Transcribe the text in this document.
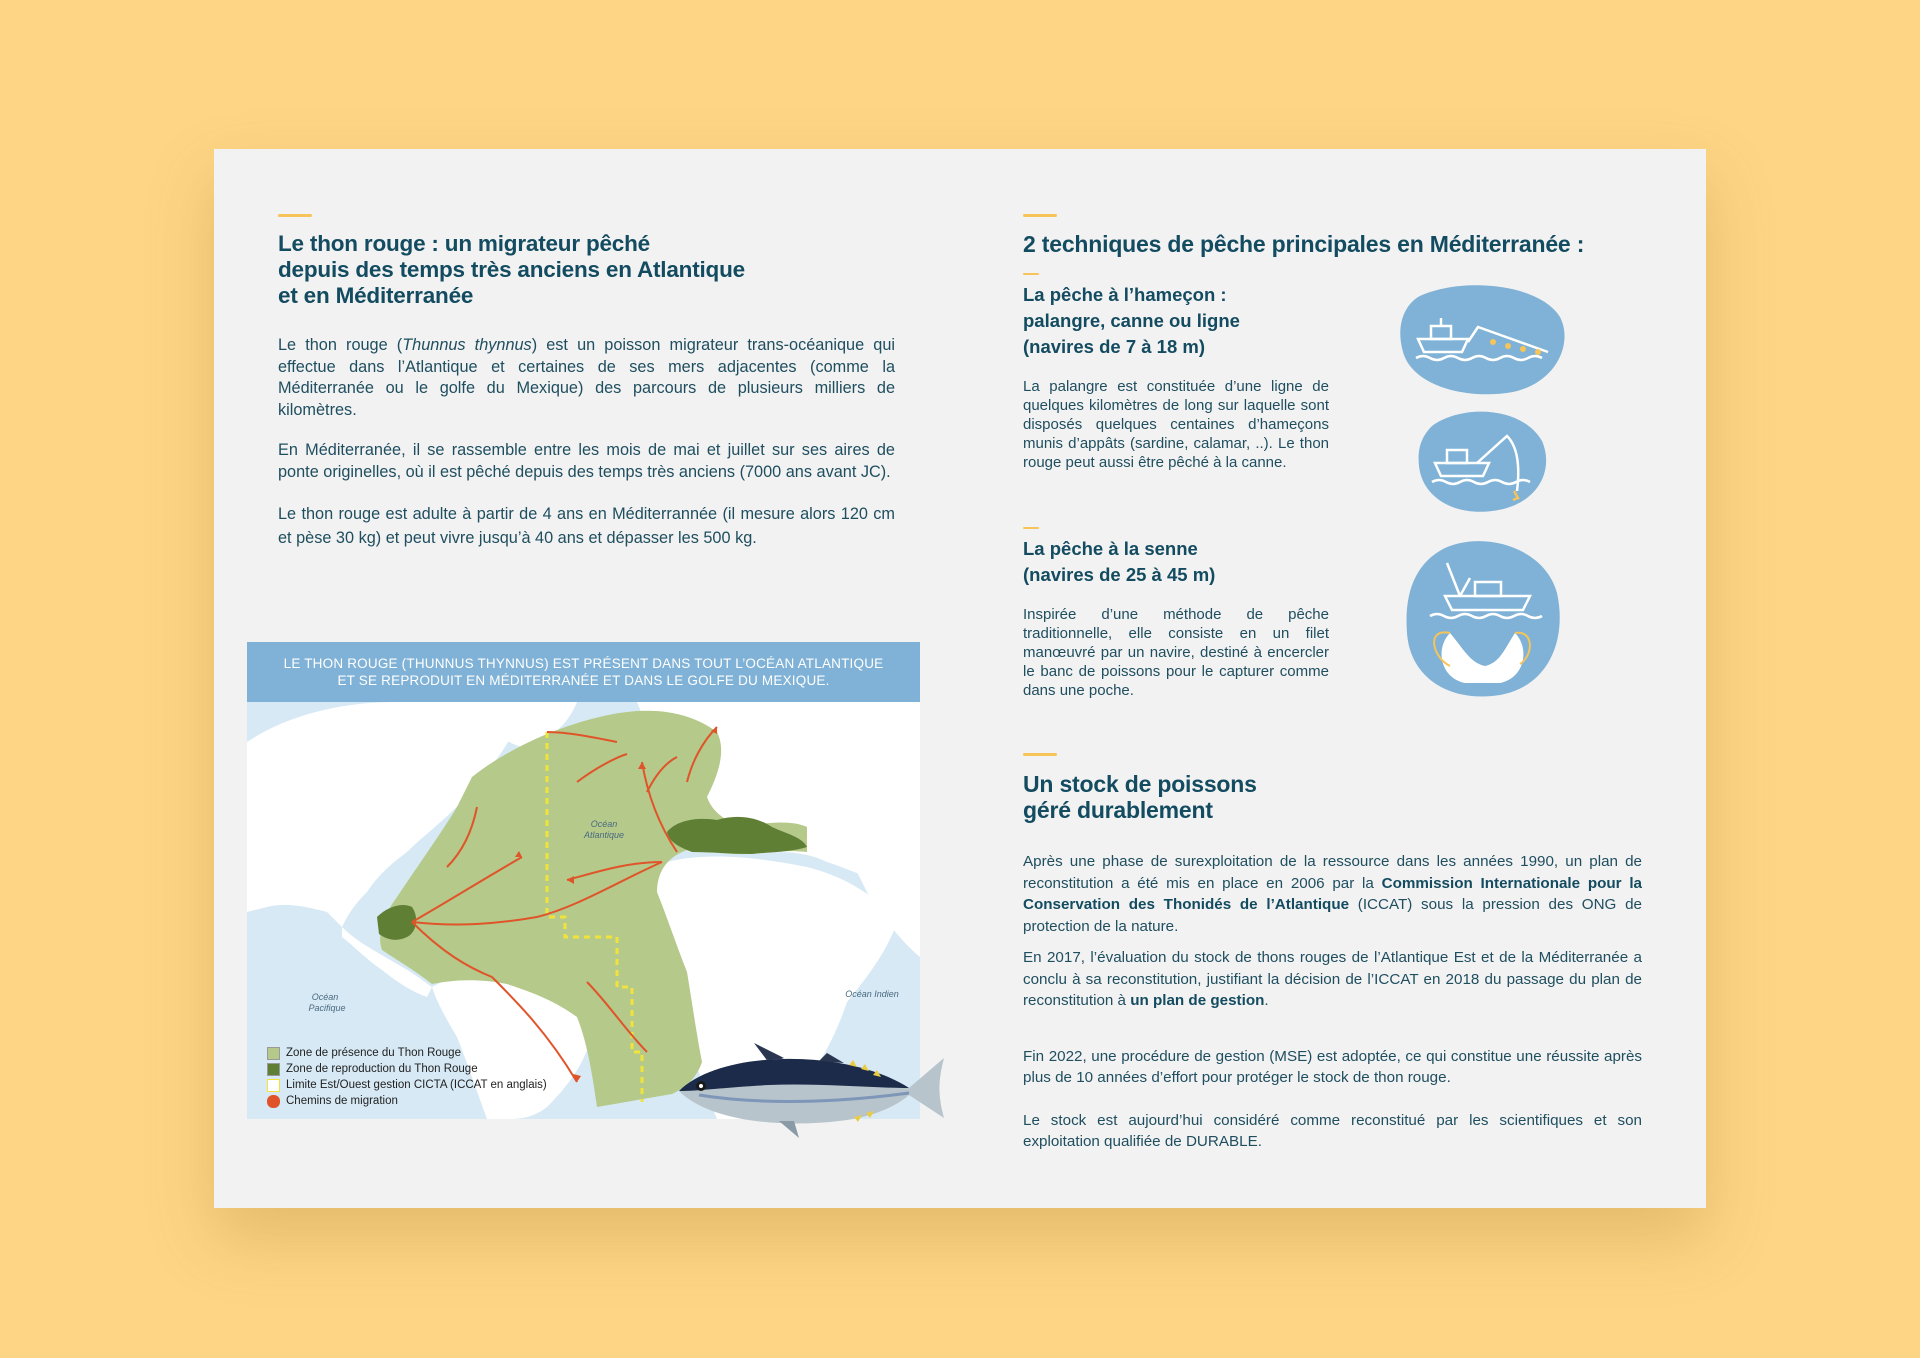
Le thon rouge : un migrateur pêché
depuis des temps très anciens en Atlantique
et en Méditerranée

Le thon rouge (Thunnus thynnus) est un poisson migrateur trans-océanique qui effectue dans l’Atlantique et certaines de ses mers adjacentes (comme la Méditerranée ou le golfe du Mexique) des parcours de plusieurs milliers de kilomètres.

En Méditerranée, il se rassemble entre les mois de mai et juillet sur ses aires de ponte originelles, où il est pêché depuis des temps très anciens (7000 ans avant JC).

Le thon rouge est adulte à partir de 4 ans en Méditerrannée (il mesure alors 120 cm et pèse 30 kg) et peut vivre jusqu’à 40 ans et dépasser les 500 kg.

LE THON ROUGE (THUNNUS THYNNUS) EST PRÉSENT DANS TOUT L’OCÉAN ATLANTIQUE
ET SE REPRODUIT EN MÉDITERRANÉE ET DANS LE GOLFE DU MEXIQUE.
Océan
Atlantique
Océan
Pacifique
Océan Indien
Zone de présence du Thon Rouge
Zone de reproduction du Thon Rouge
Limite Est/Ouest gestion CICTA (ICCAT en anglais)
Chemins de migration
2 techniques de pêche principales en Méditerranée :
La pêche à l’hameçon :
palangre, canne ou ligne
(navires de 7 à 18 m)

La palangre est constituée d’une ligne de quelques kilomètres de long sur laquelle sont disposés quelques centaines d’hameçons munis d’appâts (sardine, calamar, ..). Le thon rouge peut aussi être pêché à la canne.

La pêche à la senne
(navires de 25 à 45 m)

Inspirée d’une méthode de pêche traditionnelle, elle consiste en un filet manœuvré par un navire, destiné à encercler le banc de poissons pour le capturer comme dans une poche.

Un stock de poissons
géré durablement

Après une phase de surexploitation de la ressource dans les années 1990, un plan de reconstitution a été mis en place en 2006 par la Commission Internationale pour la Conservation des Thonidés de l’Atlantique (ICCAT) sous la pression des ONG de protection de la nature.

En 2017, l’évaluation du stock de thons rouges de l’Atlantique Est et de la Méditerranée a conclu à sa reconstitution, justifiant la décision de l’ICCAT en 2018 du passage du plan de reconstitution à un plan de gestion.

Fin 2022, une procédure de gestion (MSE) est adoptée, ce qui constitue une réussite après plus de 10 années d’effort pour protéger le stock de thon rouge.

Le stock est aujourd’hui considéré comme reconstitué par les scientifiques et son exploitation qualifiée de DURABLE.
